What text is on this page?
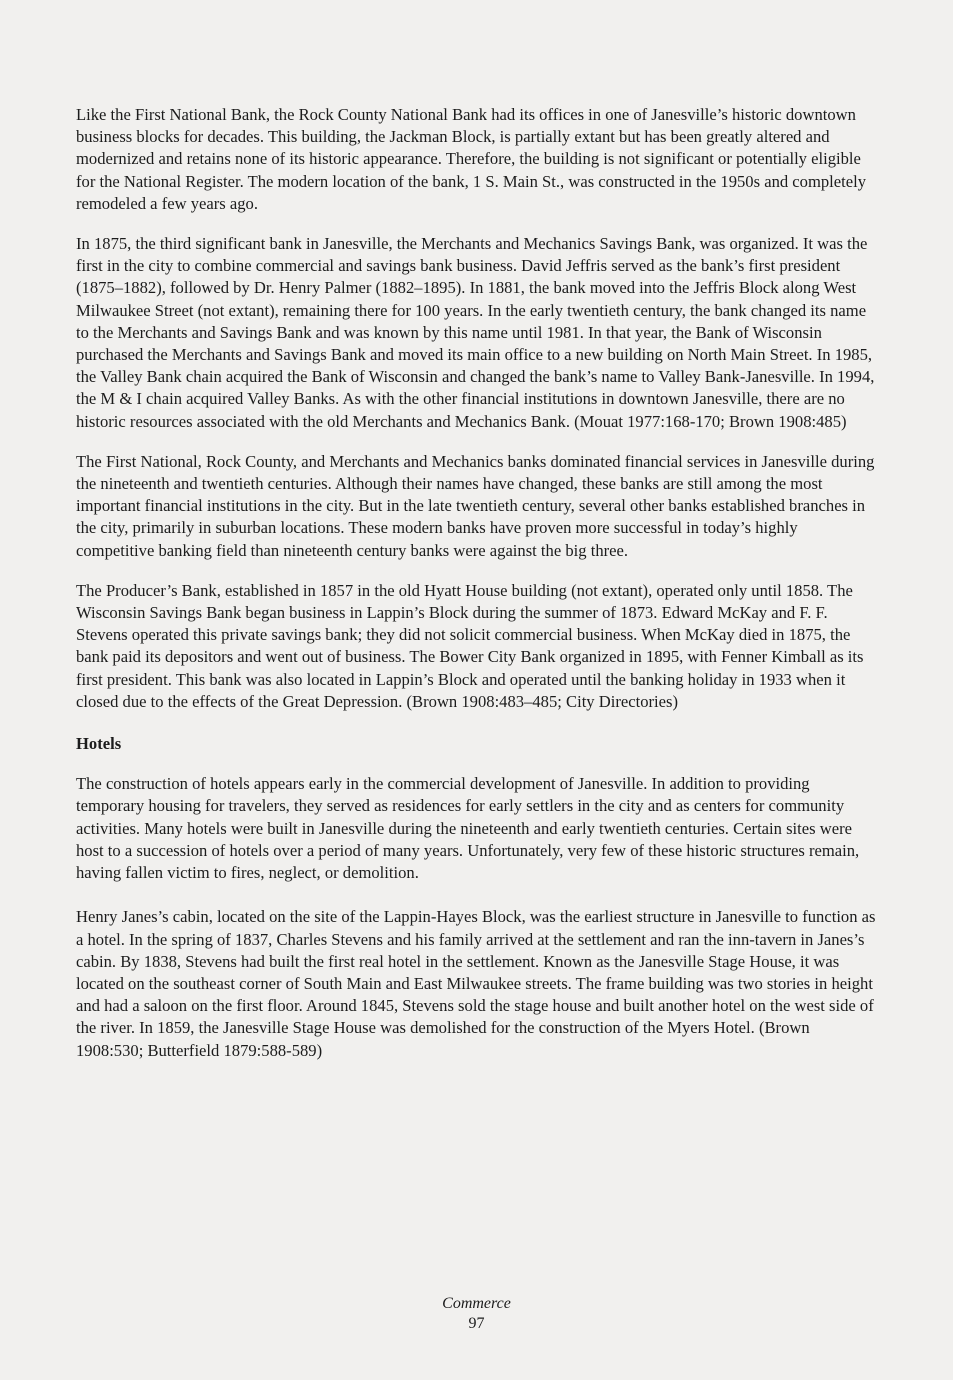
Like the First National Bank, the Rock County National Bank had its offices in one of Janesville’s historic downtown business blocks for decades. This building, the Jackman Block, is partially extant but has been greatly altered and modernized and retains none of its historic appearance. Therefore, the building is not significant or potentially eligible for the National Register. The modern location of the bank, 1 S. Main St., was constructed in the 1950s and completely remodeled a few years ago.

In 1875, the third significant bank in Janesville, the Merchants and Mechanics Savings Bank, was organized. It was the first in the city to combine commercial and savings bank business. David Jeffris served as the bank’s first president (1875–1882), followed by Dr. Henry Palmer (1882–1895). In 1881, the bank moved into the Jeffris Block along West Milwaukee Street (not extant), remaining there for 100 years. In the early twentieth century, the bank changed its name to the Merchants and Savings Bank and was known by this name until 1981. In that year, the Bank of Wisconsin purchased the Merchants and Savings Bank and moved its main office to a new building on North Main Street. In 1985, the Valley Bank chain acquired the Bank of Wisconsin and changed the bank’s name to Valley Bank-Janesville. In 1994, the M & I chain acquired Valley Banks. As with the other financial institutions in downtown Janesville, there are no historic resources associated with the old Merchants and Mechanics Bank. (Mouat 1977:168-170; Brown 1908:485)

The First National, Rock County, and Merchants and Mechanics banks dominated financial services in Janesville during the nineteenth and twentieth centuries. Although their names have changed, these banks are still among the most important financial institutions in the city. But in the late twentieth century, several other banks established branches in the city, primarily in suburban locations. These modern banks have proven more successful in today’s highly competitive banking field than nineteenth century banks were against the big three.

The Producer’s Bank, established in 1857 in the old Hyatt House building (not extant), operated only until 1858. The Wisconsin Savings Bank began business in Lappin’s Block during the summer of 1873. Edward McKay and F. F. Stevens operated this private savings bank; they did not solicit commercial business. When McKay died in 1875, the bank paid its depositors and went out of business. The Bower City Bank organized in 1895, with Fenner Kimball as its first president. This bank was also located in Lappin’s Block and operated until the banking holiday in 1933 when it closed due to the effects of the Great Depression. (Brown 1908:483–485; City Directories)

Hotels

The construction of hotels appears early in the commercial development of Janesville. In addition to providing temporary housing for travelers, they served as residences for early settlers in the city and as centers for community activities. Many hotels were built in Janesville during the nineteenth and early twentieth centuries. Certain sites were host to a succession of hotels over a period of many years. Unfortunately, very few of these historic structures remain, having fallen victim to fires, neglect, or demolition.

Henry Janes’s cabin, located on the site of the Lappin-Hayes Block, was the earliest structure in Janesville to function as a hotel. In the spring of 1837, Charles Stevens and his family arrived at the settlement and ran the inn-tavern in Janes’s cabin. By 1838, Stevens had built the first real hotel in the settlement. Known as the Janesville Stage House, it was located on the southeast corner of South Main and East Milwaukee streets. The frame building was two stories in height and had a saloon on the first floor. Around 1845, Stevens sold the stage house and built another hotel on the west side of the river. In 1859, the Janesville Stage House was demolished for the construction of the Myers Hotel. (Brown 1908:530; Butterfield 1879:588-589)

Commerce
97
